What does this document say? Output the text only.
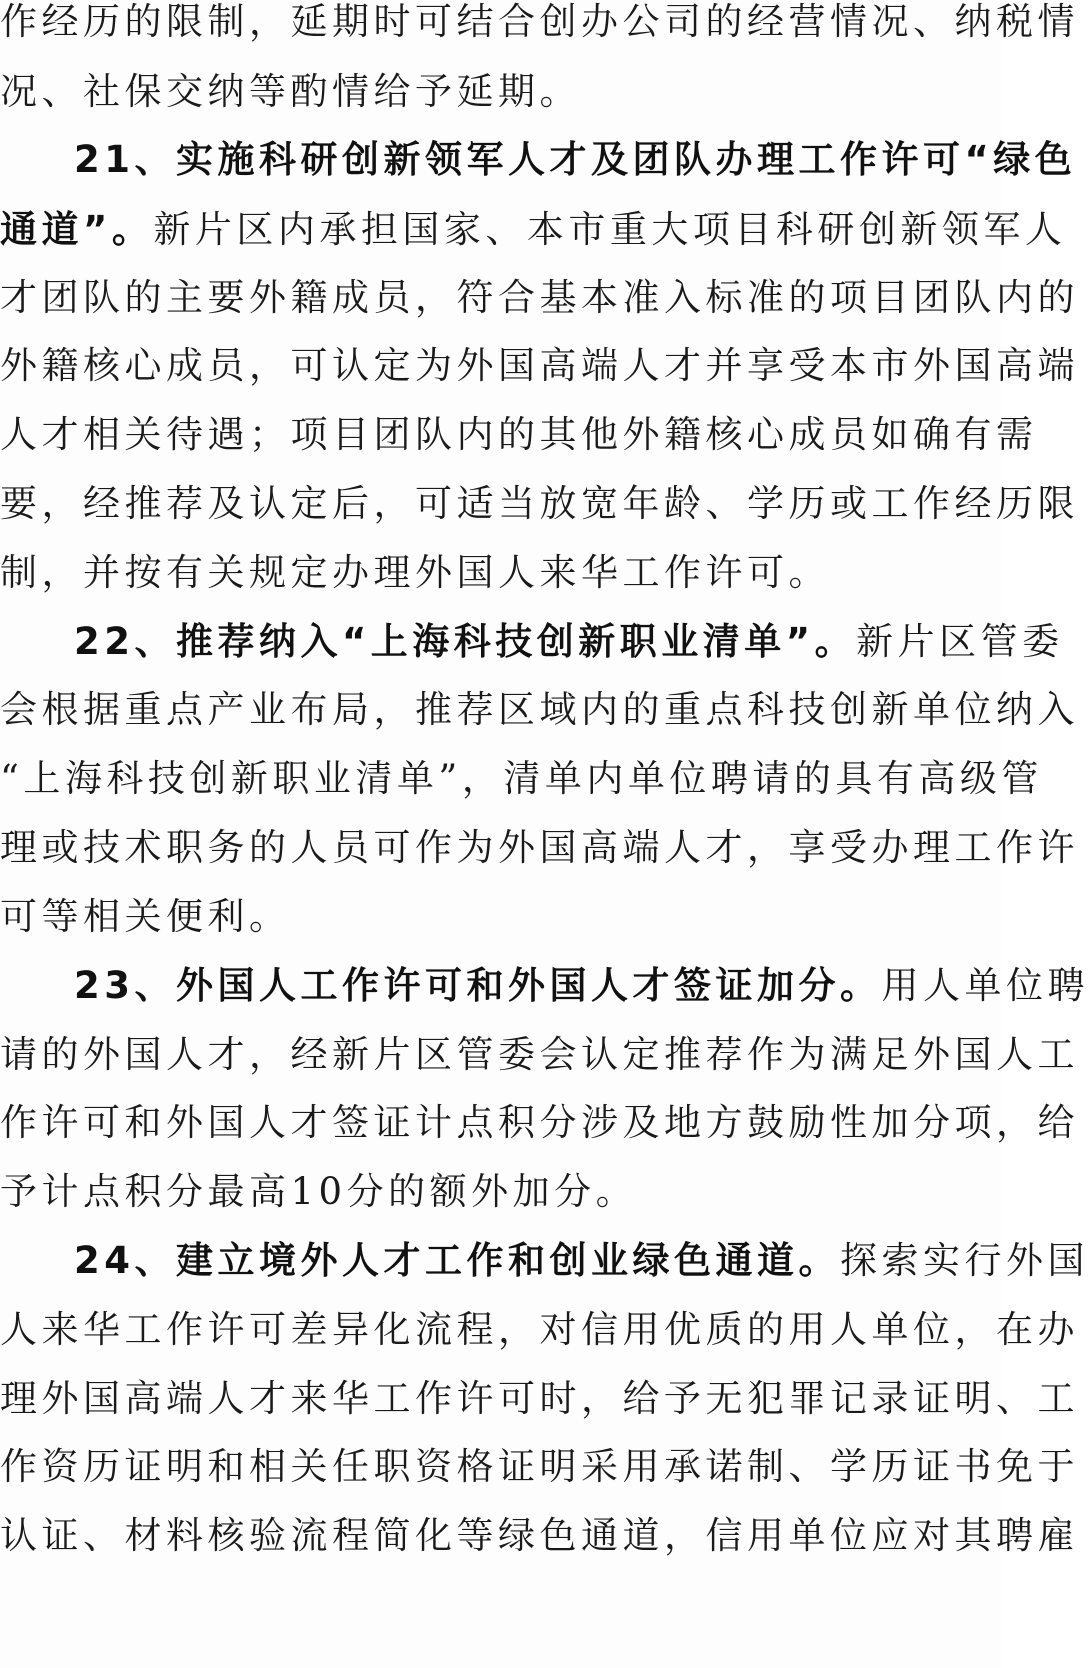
作经历的限制，延期时可结合创办公司的经营情况、纳税情
况、社保交纳等酌情给予延期。
21、实施科研创新领军人才及团队办理工作许可“绿色
通道”。新片区内承担国家、本市重大项目科研创新领军人
才团队的主要外籍成员，符合基本准入标准的项目团队内的
外籍核心成员，可认定为外国高端人才并享受本市外国高端
人才相关待遇；项目团队内的其他外籍核心成员如确有需
要，经推荐及认定后，可适当放宽年龄、学历或工作经历限
制，并按有关规定办理外国人来华工作许可。
22、推荐纳入“上海科技创新职业清单”。新片区管委
会根据重点产业布局，推荐区域内的重点科技创新单位纳入
“上海科技创新职业清单”，清单内单位聘请的具有高级管
理或技术职务的人员可作为外国高端人才，享受办理工作许
可等相关便利。
23、外国人工作许可和外国人才签证加分。用人单位聘
请的外国人才，经新片区管委会认定推荐作为满足外国人工
作许可和外国人才签证计点积分涉及地方鼓励性加分项，给
予计点积分最高10分的额外加分。
24、建立境外人才工作和创业绿色通道。探索实行外国
人来华工作许可差异化流程，对信用优质的用人单位，在办
理外国高端人才来华工作许可时，给予无犯罪记录证明、工
作资历证明和相关任职资格证明采用承诺制、学历证书免于
认证、材料核验流程简化等绿色通道，信用单位应对其聘雇
